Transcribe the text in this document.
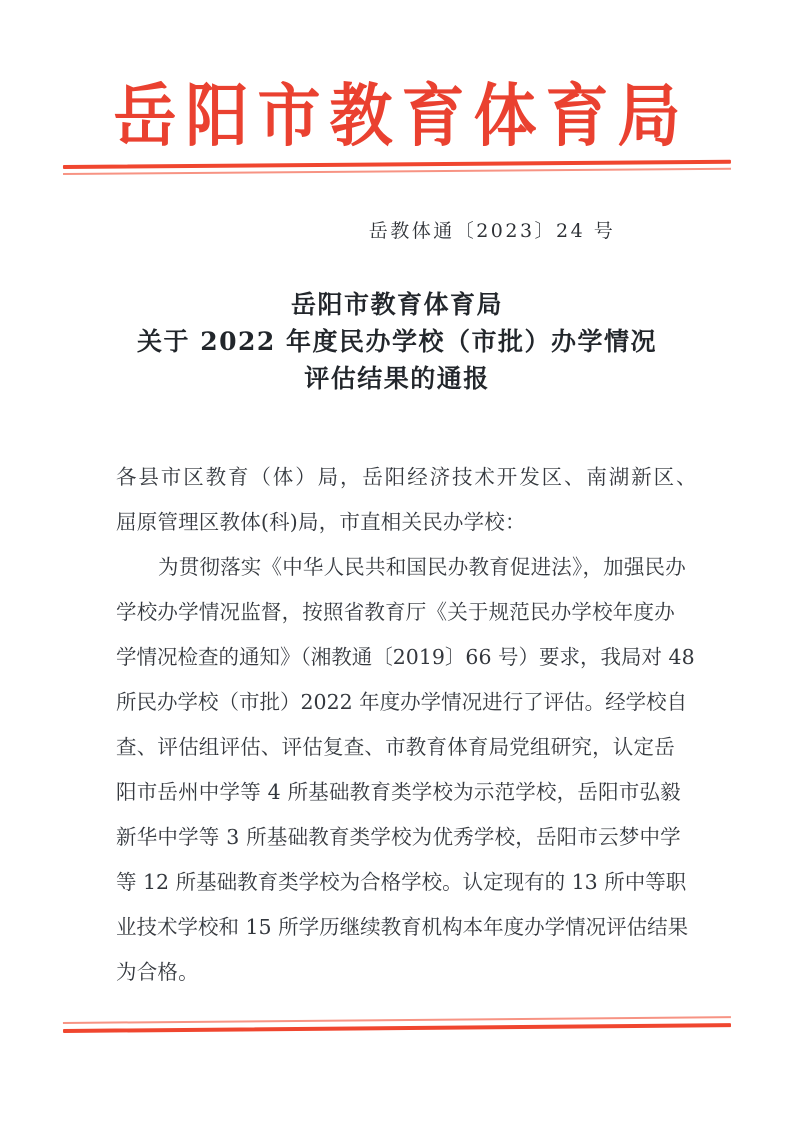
岳阳市教育体育局
岳教体通〔2023〕24 号
岳阳市教育体育局
关于 2022 年度民办学校（市批）办学情况
评估结果的通报
各县市区教育（体）局，岳阳经济技术开发区、南湖新区、
屈原管理区教体(科)局，市直相关民办学校：
为贯彻落实《中华人民共和国民办教育促进法》，加强民办
学校办学情况监督，按照省教育厅《关于规范民办学校年度办
学情况检查的通知》（湘教通〔2019〕66 号）要求，我局对 48
所民办学校（市批）2022 年度办学情况进行了评估。经学校自
查、评估组评估、评估复查、市教育体育局党组研究，认定岳
阳市岳州中学等 4 所基础教育类学校为示范学校，岳阳市弘毅
新华中学等 3 所基础教育类学校为优秀学校，岳阳市云梦中学
等 12 所基础教育类学校为合格学校。认定现有的 13 所中等职
业技术学校和 15 所学历继续教育机构本年度办学情况评估结果
为合格。
